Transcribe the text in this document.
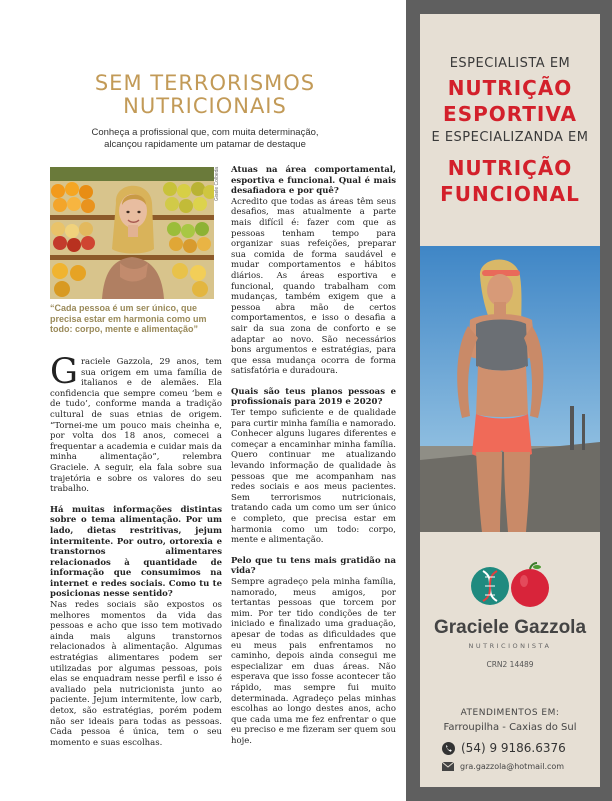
SEM TERRORISMOS
NUTRICIONAIS
Conheça a profissional que, com muita determinação,
alcançou rapidamente um patamar de destaque
Gisele Colbeda
“Cada pessoa é um ser único, que precisa estar em harmonia como um todo: corpo, mente e alimentação”

Graciele Gazzola, 29 anos, tem sua origem em uma família de italianos e de alemães. Ela confidencia que sempre comeu ‘bem e de tudo’, conforme manda a tradição cultural de suas etnias de origem. “Tornei-me um pouco mais cheinha e, por volta dos 18 anos, comecei a frequentar a academia e cuidar mais da minha alimentação”, relembra Graciele. A seguir, ela fala sobre sua trajetória e sobre os valores do seu trabalho.

Há muitas informações distintas sobre o tema alimentação. Por um lado, dietas restritivas, jejum intermitente. Por outro, ortorexia e transtornos alimentares relacionados à quantidade de informação que consumimos na internet e redes sociais. Como tu te posicionas nesse sentido?

Nas redes sociais são expostos os melhores momentos da vida das pessoas e acho que isso tem motivado ainda mais alguns transtornos relacionados à alimentação. Algumas estratégias alimentares podem ser utilizadas por algumas pessoas, pois elas se enquadram nesse perfil e isso é avaliado pela nutricionista junto ao paciente. Jejum intermitente, low carb, detox, são estratégias, porém podem não ser ideais para todas as pessoas. Cada pessoa é única, tem o seu momento e suas escolhas.

Atuas na área comportamental, esportiva e funcional. Qual é mais desafiadora e por quê?

Acredito que todas as áreas têm seus desafios, mas atualmente a parte mais difícil é: fazer com que as pessoas tenham tempo para organizar suas refeições, preparar sua comida de forma saudável e mudar comportamentos e hábitos diários. As áreas esportiva e funcional, quando trabalham com mudanças, também exigem que a pessoa abra mão de certos comportamentos, e isso o desafia a sair da sua zona de conforto e se adaptar ao novo. São necessários bons argumentos e estratégias, para que essa mudança ocorra de forma satisfatória e duradoura.

Quais são teus planos pessoas e profissionais para 2019 e 2020?

Ter tempo suficiente e de qualidade para curtir minha família e namorado. Conhecer alguns lugares diferentes e começar a encaminhar minha família. Quero continuar me atualizando levando informação de qualidade às pessoas que me acompanham nas redes sociais e aos meus pacientes. Sem terrorismos nutricionais, tratando cada um como um ser único e completo, que precisa estar em harmonia como um todo: corpo, mente e alimentação.

Pelo que tu tens mais gratidão na vida?

Sempre agradeço pela minha família, namorado, meus amigos, por tertantas pessoas que torcem por mim. Por ter tido condições de ter iniciado e finalizado uma graduação, apesar de todas as dificuldades que eu meus pais enfrentamos no caminho, depois ainda consegui me especializar em duas áreas. Não esperava que isso fosse acontecer tão rápido, mas sempre fui muito determinada. Agradeço pelas minhas escolhas ao longo destes anos, acho que cada uma me fez enfrentar o que eu preciso e me fizeram ser quem sou hoje.

ESPECIALISTA EM
NUTRIÇÃO
ESPORTIVA
E ESPECIALIZANDA EM
NUTRIÇÃO
FUNCIONAL
Graciele Gazzola
NUTRICIONISTA
CRN2 14489
ATENDIMENTOS EM:
Farroupilha - Caxias do Sul
(54) 9 9186.6376
gra.gazzola@hotmail.com
